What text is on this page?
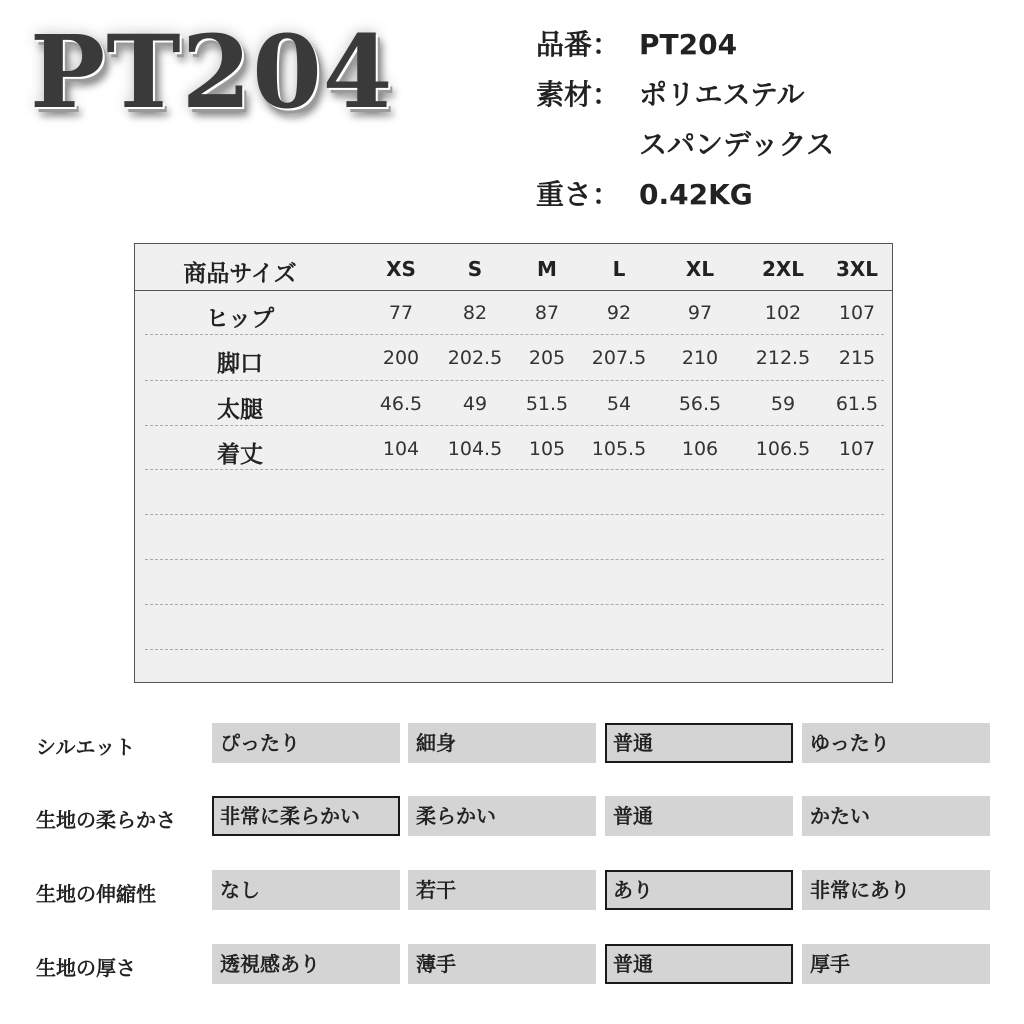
PT204	品番： PT204
素材： ポリエステル
スパンデックス
重さ： 0.42KG
商品サイズ	XS	S	M	L	XL 2XL 3XL
ヒップ	77	82	87	92	97	102 107
脚口	200 202.5 205 207.5 210 212.5 215
太腿	46.5 49 51.5 54	56.5	59 61.5
着丈	104 104.5 105 105.5 106 106.5 107
シルエット	ぴったり	細身	普通	ゆったり
生地の柔らかさ	非常に柔らかい	柔らかい	普通	かたい
生地の伸縮性	なし	若干	あり	非常にあり
生地の厚さ	透視感あり	薄手	普通	厚手
